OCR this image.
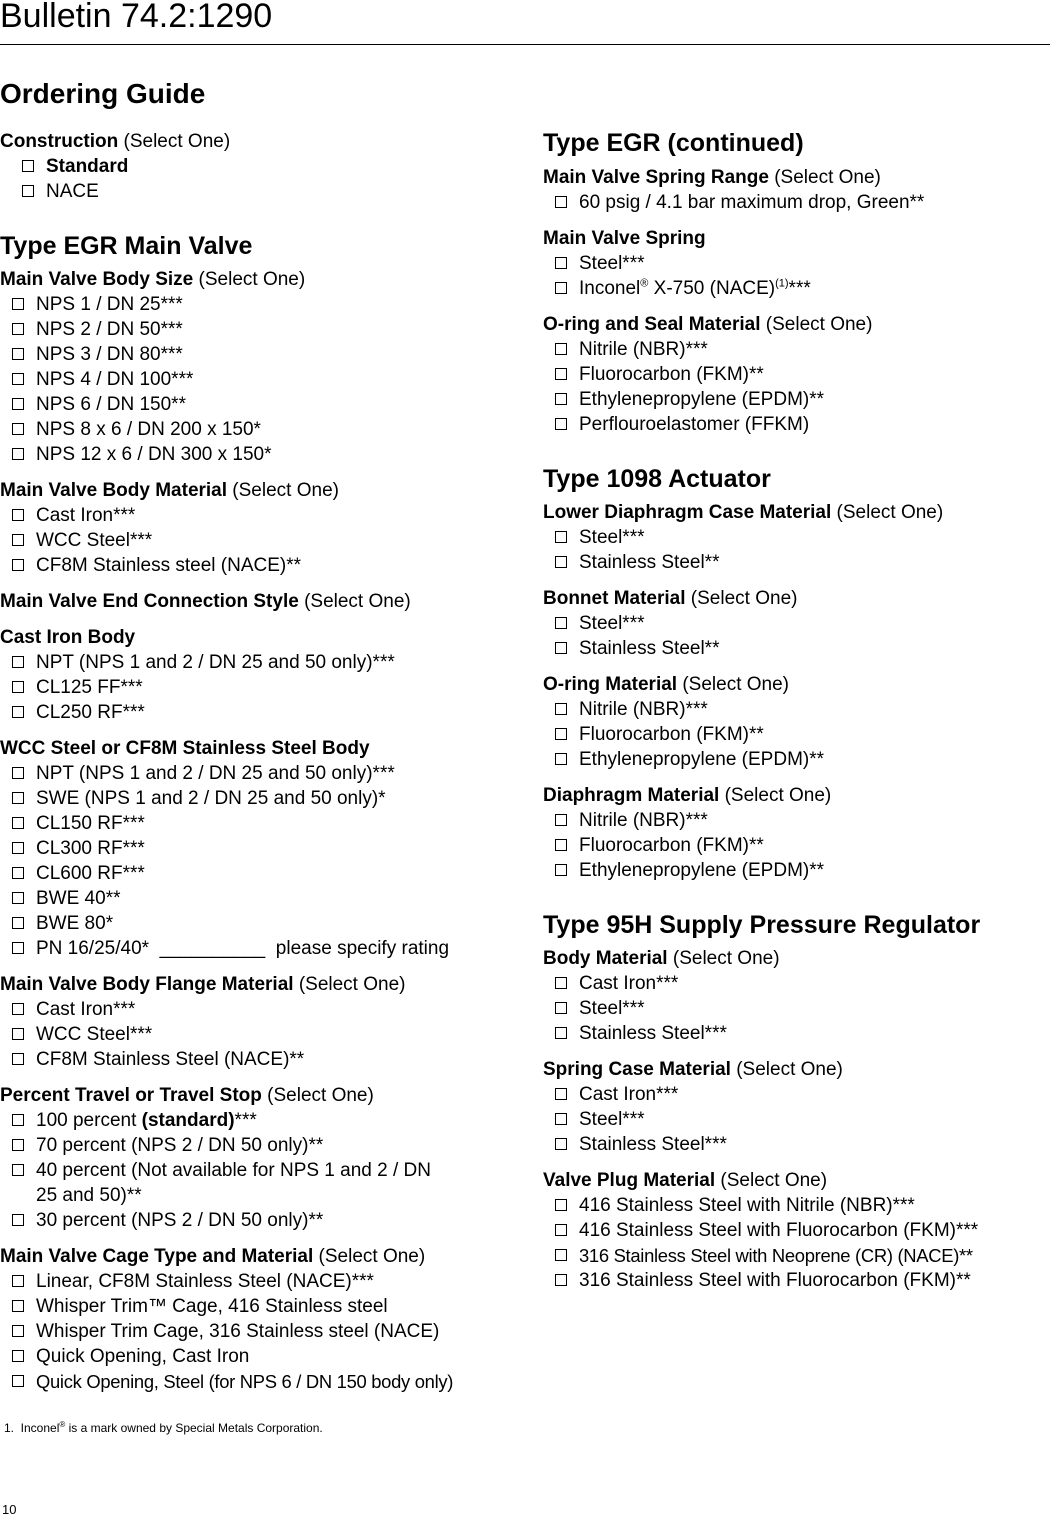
Bulletin 74.2:1290
Ordering Guide
Construction (Select One)
Standard
NACE
Type EGR Main Valve
Main Valve Body Size (Select One)
NPS 1 / DN 25***
NPS 2 / DN 50***
NPS 3 / DN 80***
NPS 4 / DN 100***
NPS 6 / DN 150**
NPS 8 x 6 / DN 200 x 150*
NPS 12 x 6 / DN 300 x 150*
Main Valve Body Material (Select One)
Cast Iron***
WCC Steel***
CF8M Stainless steel (NACE)**
Main Valve End Connection Style (Select One)
Cast Iron Body
NPT (NPS 1 and 2 / DN 25 and 50 only)***
CL125 FF***
CL250 RF***
WCC Steel or CF8M Stainless Steel Body
NPT (NPS 1 and 2 / DN 25 and 50 only)***
SWE (NPS 1 and 2 / DN 25 and 50 only)*
CL150 RF***
CL300 RF***
CL600 RF***
BWE 40**
BWE 80*
PN 16/25/40*  __________  please specify rating
Main Valve Body Flange Material (Select One)
Cast Iron***
WCC Steel***
CF8M Stainless Steel (NACE)**
Percent Travel or Travel Stop (Select One)
100 percent (standard)***
70 percent (NPS 2 / DN 50 only)**
40 percent (Not available for NPS 1 and 2 / DN 25 and 50)**
30 percent (NPS 2 / DN 50 only)**
Main Valve Cage Type and Material (Select One)
Linear, CF8M Stainless Steel (NACE)***
Whisper Trim™ Cage, 416 Stainless steel
Whisper Trim Cage, 316 Stainless steel (NACE)
Quick Opening, Cast Iron
Quick Opening, Steel (for NPS 6 / DN 150 body only)
Type EGR (continued)
Main Valve Spring Range (Select One)
60 psig / 4.1 bar maximum drop, Green**
Main Valve Spring
Steel***
Inconel® X-750 (NACE)$^{(1)}$***
O-ring and Seal Material (Select One)
Nitrile (NBR)***
Fluorocarbon (FKM)**
Ethylenepropylene (EPDM)**
Perflouroelastomer (FFKM)
Type 1098 Actuator
Lower Diaphragm Case Material (Select One)
Steel***
Stainless Steel**
Bonnet Material (Select One)
Steel***
Stainless Steel**
O-ring Material (Select One)
Nitrile (NBR)***
Fluorocarbon (FKM)**
Ethylenepropylene (EPDM)**
Diaphragm Material (Select One)
Nitrile (NBR)***
Fluorocarbon (FKM)**
Ethylenepropylene (EPDM)**
Type 95H Supply Pressure Regulator
Body Material (Select One)
Cast Iron***
Steel***
Stainless Steel***
Spring Case Material (Select One)
Cast Iron***
Steel***
Stainless Steel***
Valve Plug Material (Select One)
416 Stainless Steel with Nitrile (NBR)***
416 Stainless Steel with Fluorocarbon (FKM)***
316 Stainless Steel with Neoprene (CR) (NACE)**
316 Stainless Steel with Fluorocarbon (FKM)**
1.  Inconel® is a mark owned by Special Metals Corporation.
10
